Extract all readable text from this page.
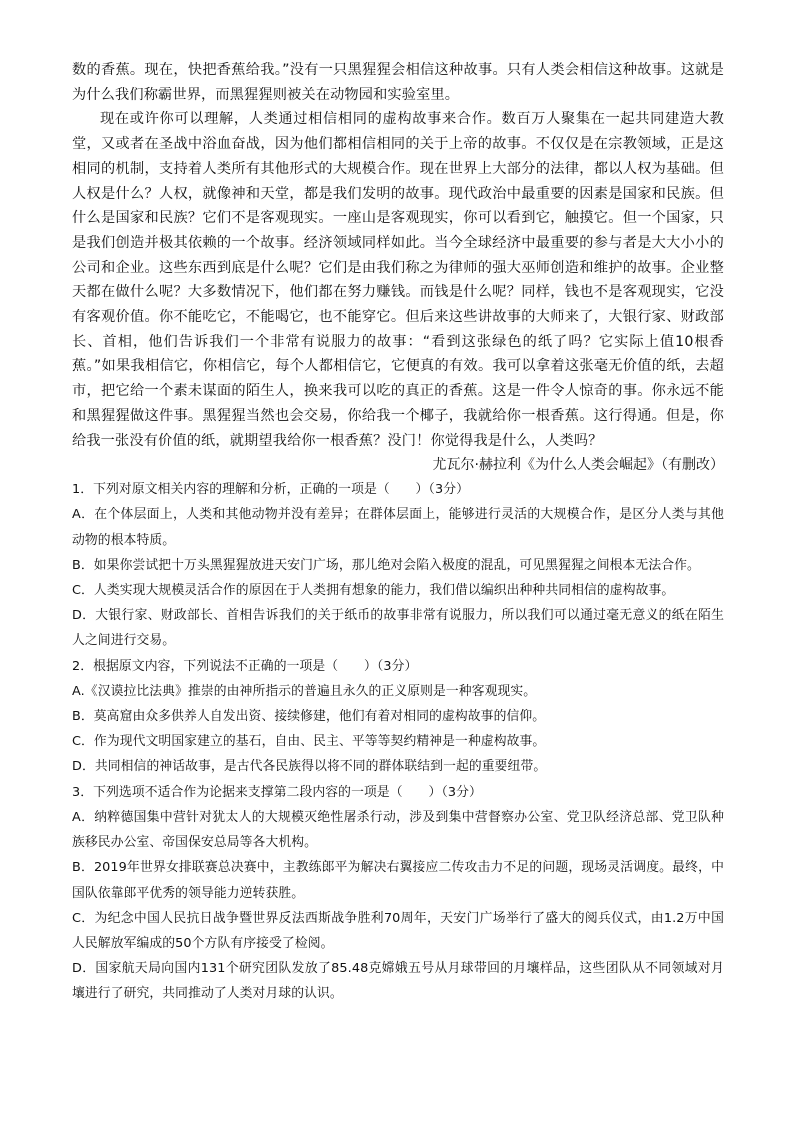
数的香蕉。现在，快把香蕉给我。”没有一只黑猩猩会相信这种故事。只有人类会相信这种故事。这就是为什么我们称霸世界，而黑猩猩则被关在动物园和实验室里。

现在或许你可以理解，人类通过相信相同的虚构故事来合作。数百万人聚集在一起共同建造大教堂，又或者在圣战中浴血奋战，因为他们都相信相同的关于上帝的故事。不仅仅是在宗教领域，正是这相同的机制，支持着人类所有其他形式的大规模合作。现在世界上大部分的法律，都以人权为基础。但人权是什么？人权，就像神和天堂，都是我们发明的故事。现代政治中最重要的因素是国家和民族。但什么是国家和民族？它们不是客观现实。一座山是客观现实，你可以看到它，触摸它。但一个国家，只是我们创造并极其依赖的一个故事。经济领域同样如此。当今全球经济中最重要的参与者是大大小小的公司和企业。这些东西到底是什么呢？它们是由我们称之为律师的强大巫师创造和维护的故事。企业整天都在做什么呢？大多数情况下，他们都在努力赚钱。而钱是什么呢？同样，钱也不是客观现实，它没有客观价值。你不能吃它，不能喝它，也不能穿它。但后来这些讲故事的大师来了，大银行家、财政部长、首相，他们告诉我们一个非常有说服力的故事：“看到这张绿色的纸了吗？它实际上值10根香蕉。”如果我相信它，你相信它，每个人都相信它，它便真的有效。我可以拿着这张毫无价值的纸，去超市，把它给一个素未谋面的陌生人，换来我可以吃的真正的香蕉。这是一件令人惊奇的事。你永远不能和黑猩猩做这件事。黑猩猩当然也会交易，你给我一个椰子，我就给你一根香蕉。这行得通。但是，你给我一张没有价值的纸，就期望我给你一根香蕉？没门！你觉得我是什么，人类吗？

尤瓦尔·赫拉利《为什么人类会崛起》（有删改）

1．下列对原文相关内容的理解和分析，正确的一项是（　　）（3分）

A．在个体层面上，人类和其他动物并没有差异；在群体层面上，能够进行灵活的大规模合作，是区分人类与其他动物的根本特质。

B．如果你尝试把十万头黑猩猩放进天安门广场，那儿绝对会陷入极度的混乱，可见黑猩猩之间根本无法合作。

C．人类实现大规模灵活合作的原因在于人类拥有想象的能力，我们借以编织出种种共同相信的虚构故事。

D．大银行家、财政部长、首相告诉我们的关于纸币的故事非常有说服力，所以我们可以通过毫无意义的纸在陌生人之间进行交易。

2．根据原文内容，下列说法不正确的一项是（　　）（3分）

A.《汉谟拉比法典》推崇的由神所指示的普遍且永久的正义原则是一种客观现实。

B．莫高窟由众多供养人自发出资、接续修建，他们有着对相同的虚构故事的信仰。

C．作为现代文明国家建立的基石，自由、民主、平等等契约精神是一种虚构故事。

D．共同相信的神话故事，是古代各民族得以将不同的群体联结到一起的重要纽带。

3．下列选项不适合作为论据来支撑第二段内容的一项是（　　）（3分）

A．纳粹德国集中营针对犹太人的大规模灭绝性屠杀行动，涉及到集中营督察办公室、党卫队经济总部、党卫队种族移民办公室、帝国保安总局等各大机构。

B．2019年世界女排联赛总决赛中，主教练郎平为解决右翼接应二传攻击力不足的问题，现场灵活调度。最终，中国队依靠郎平优秀的领导能力逆转获胜。

C．为纪念中国人民抗日战争暨世界反法西斯战争胜利70周年，天安门广场举行了盛大的阅兵仪式，由1.2万中国人民解放军编成的50个方队有序接受了检阅。

D．国家航天局向国内131个研究团队发放了85.48克嫦娥五号从月球带回的月壤样品，这些团队从不同领域对月壤进行了研究，共同推动了人类对月球的认识。
